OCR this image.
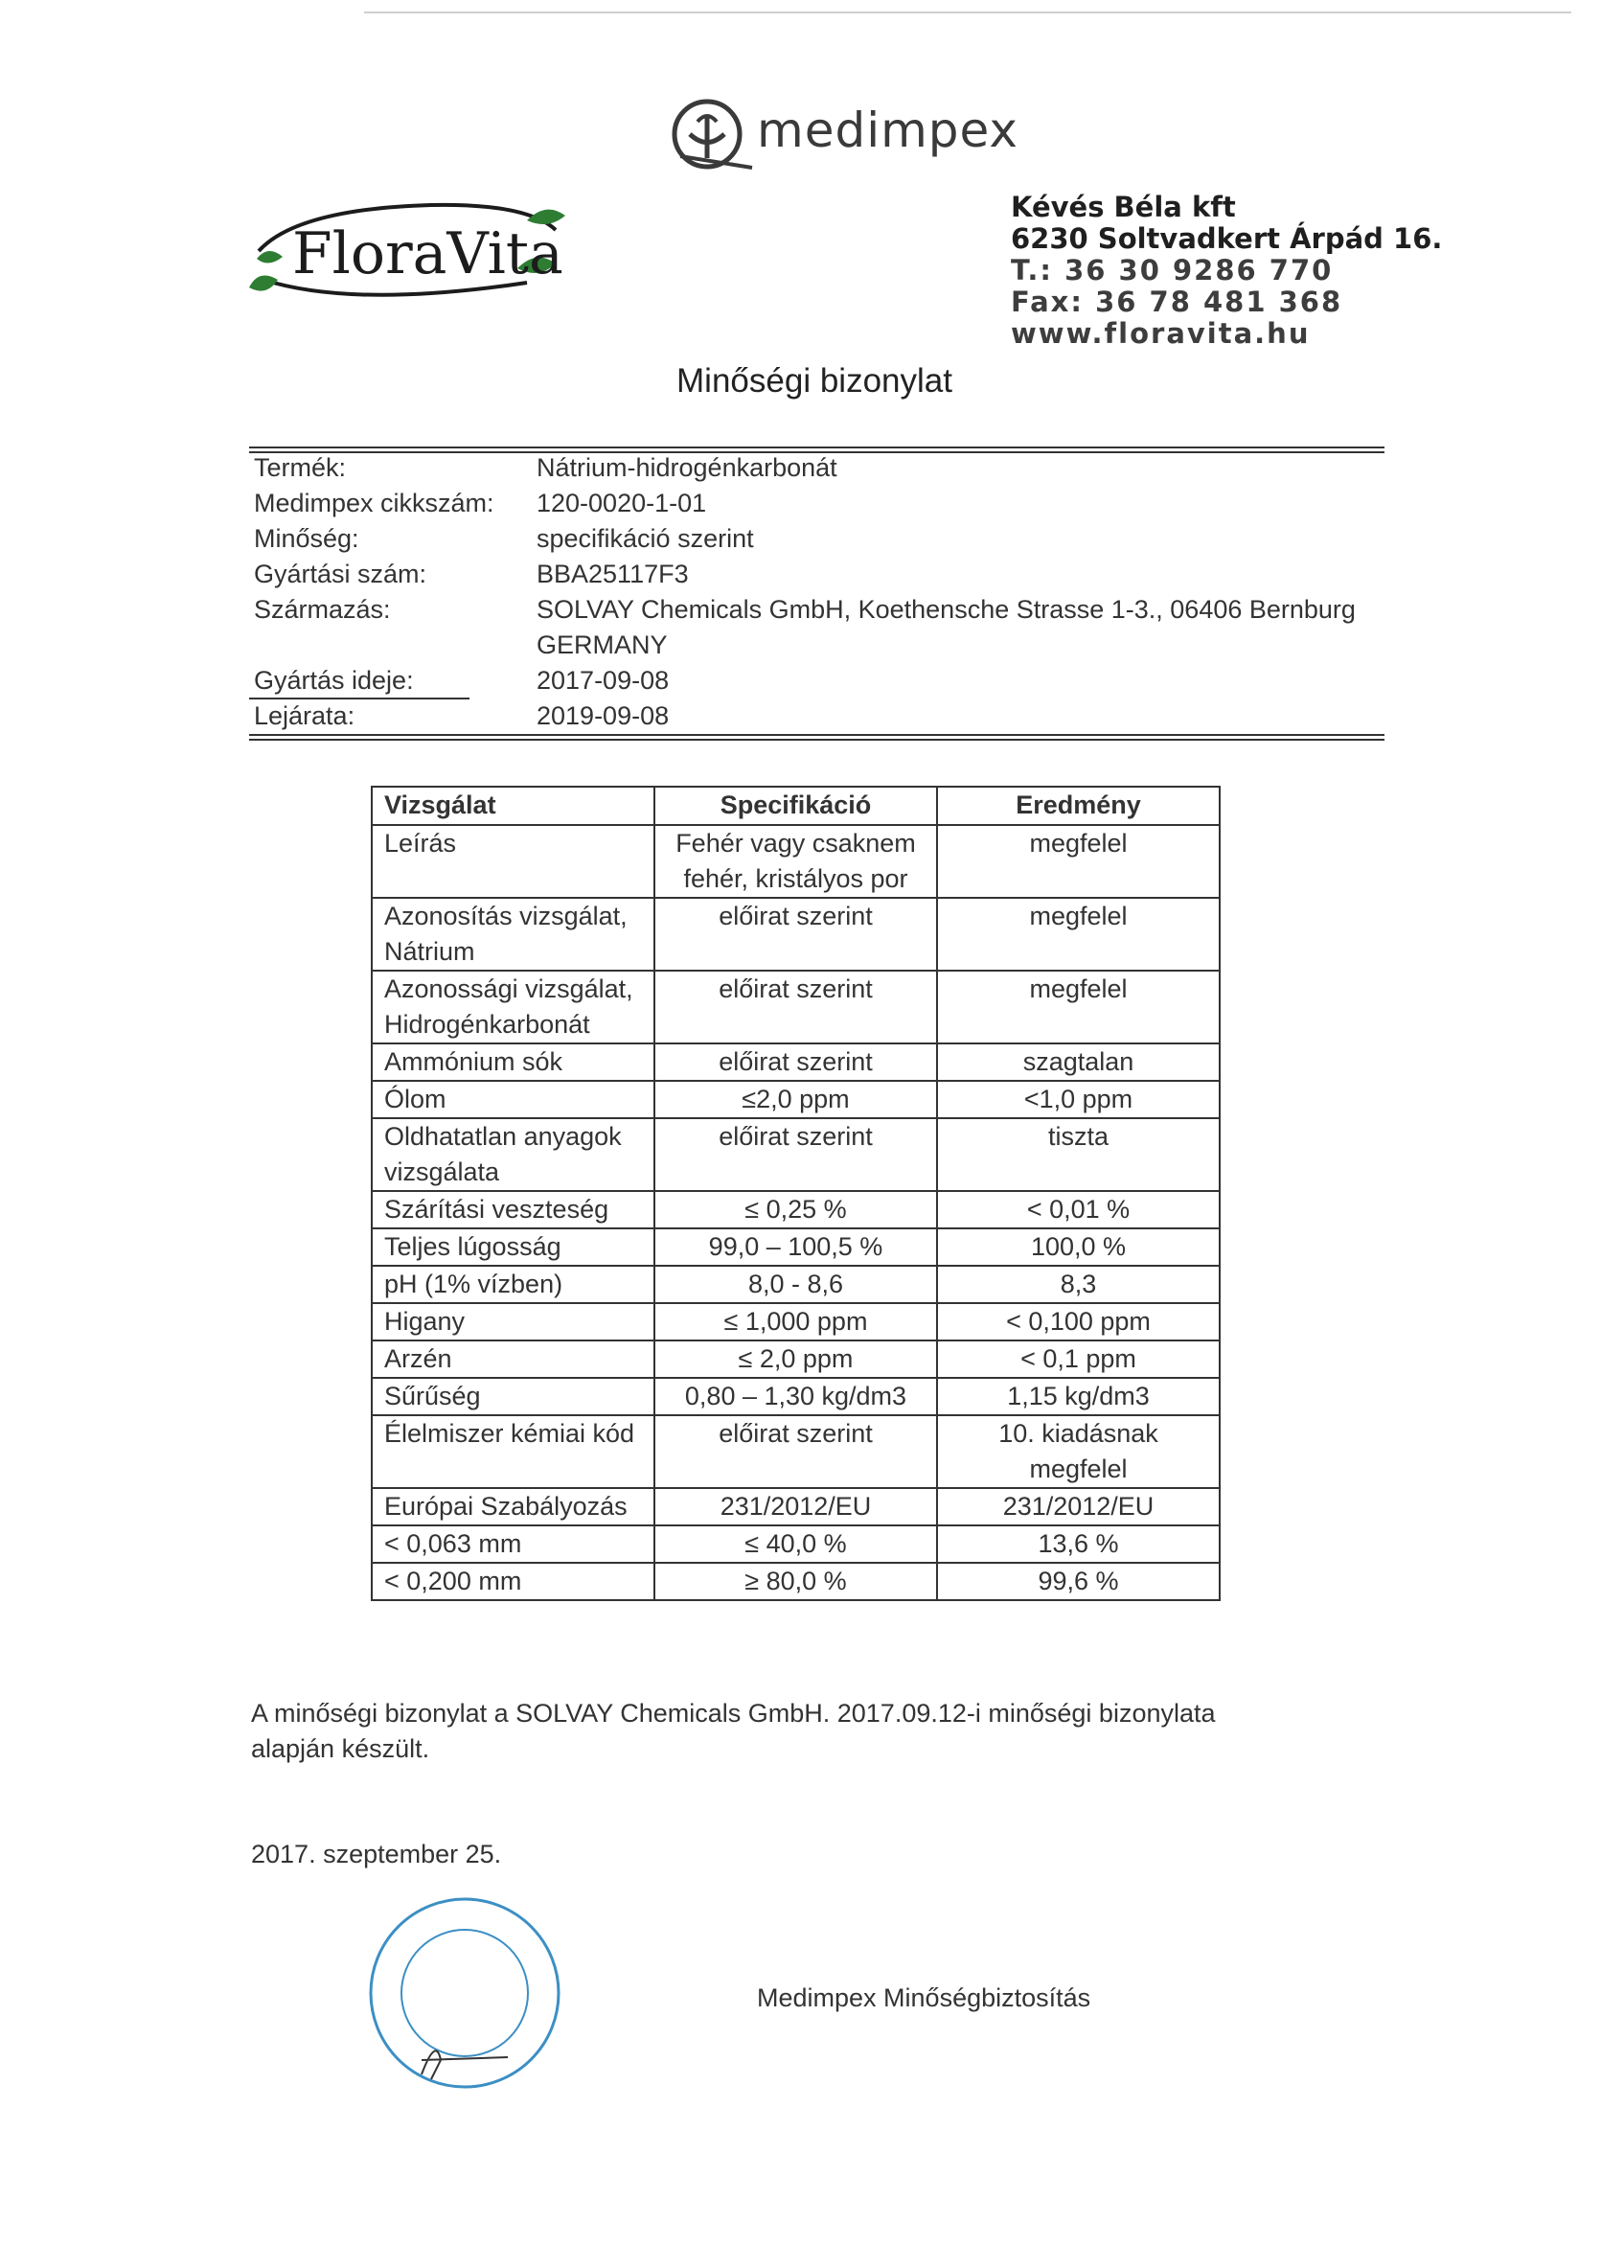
medimpex
FloraVita
Kévés Béla kft
6230 Soltvadkert Árpád 16.
T.: 36 30 9286 770
Fax: 36 78 481 368
www.floravita.hu
Minőségi bizonylat
Termék:	Nátrium-hidrogénkarbonát
Medimpex cikkszám:	120-0020-1-01
Minőség:	specifikáció szerint
Gyártási szám:	BBA25117F3
Származás:	SOLVAY Chemicals GmbH, Koethensche Strasse 1-3., 06406 Bernburg
GERMANY
Gyártás ideje:	2017-09-08
Lejárata:	2019-09-08
Vizsgálat	Specifikáció	Eredmény
Leírás	Fehér vagy csaknem fehér, kristályos por	megfelel
Azonosítás vizsgálat, Nátrium	előirat szerint	megfelel
Azonossági vizsgálat, Hidrogénkarbonát	előirat szerint	megfelel
Ammónium sók	előirat szerint	szagtalan
Ólom	≤2,0 ppm	<1,0 ppm
Oldhatatlan anyagok vizsgálata	előirat szerint	tiszta
Szárítási veszteség	≤ 0,25 %	< 0,01 %
Teljes lúgosság	99,0 – 100,5 %	100,0 %
pH (1% vízben)	8,0 - 8,6	8,3
Higany	≤ 1,000 ppm	< 0,100 ppm
Arzén	≤ 2,0 ppm	< 0,1 ppm
Sűrűség	0,80 – 1,30 kg/dm3	1,15 kg/dm3
Élelmiszer kémiai kód	előirat szerint	10. kiadásnak megfelel
Európai Szabályozás	231/2012/EU	231/2012/EU
< 0,063 mm	≤ 40,0 %	13,6 %
< 0,200 mm	≥ 80,0 %	99,6 %
A minőségi bizonylat a SOLVAY Chemicals GmbH. 2017.09.12-i minőségi bizonylata alapján készült.
2017. szeptember 25.
Medimpex Minőségbiztosítás
